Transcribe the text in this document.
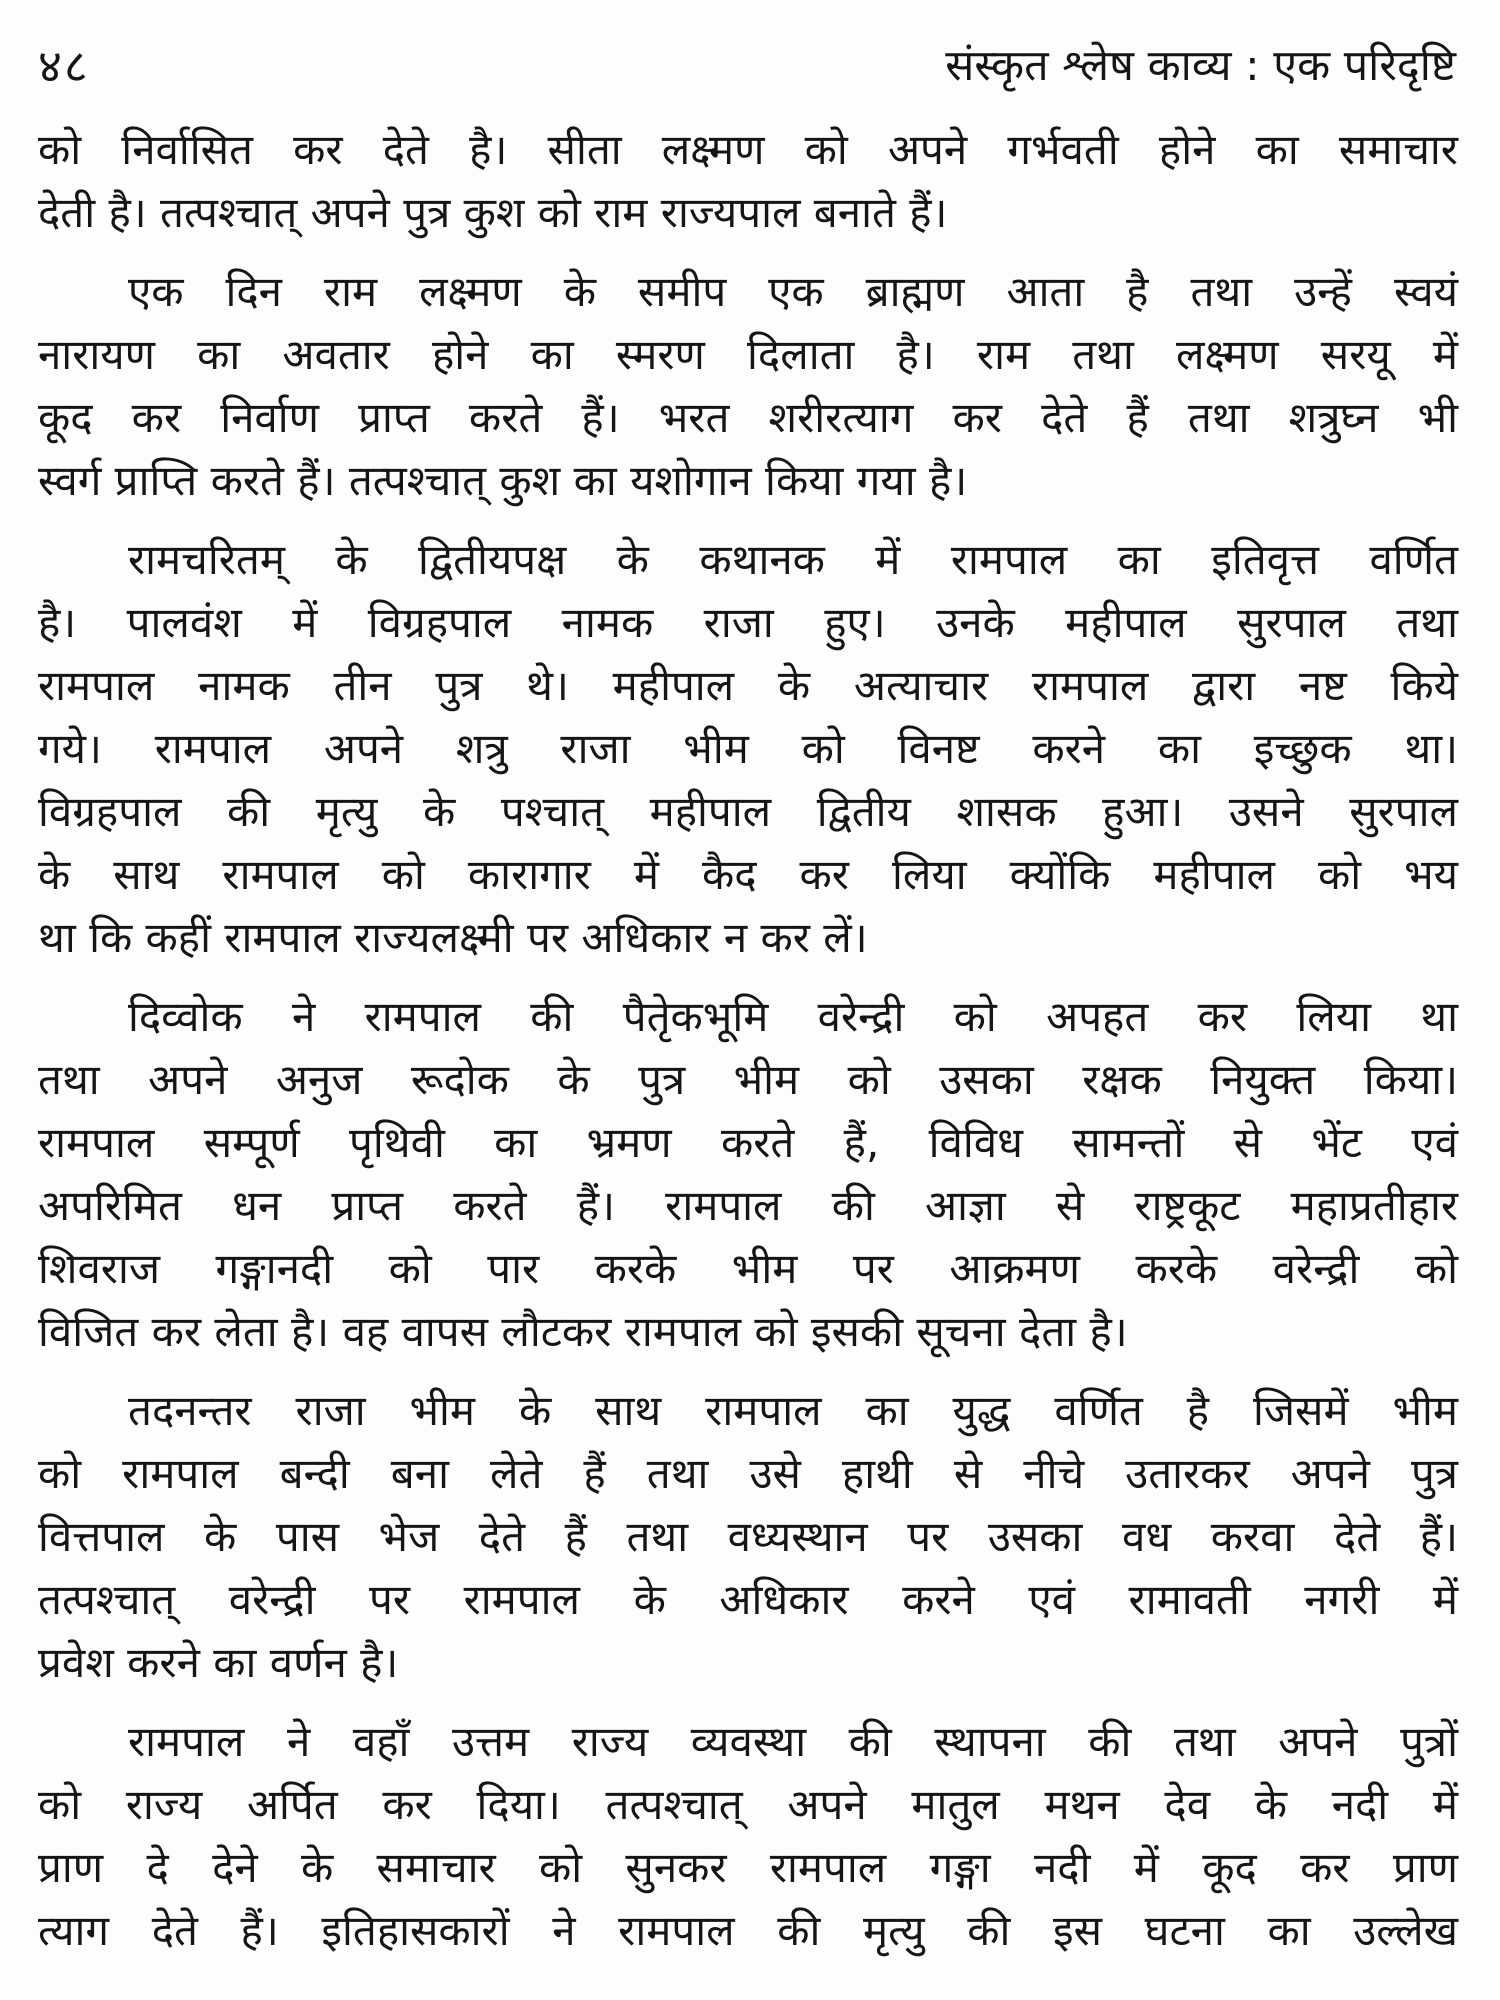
४८	संस्कृत श्लेष काव्य : एक परिदृष्टि

को निर्वासित कर देते है। सीता लक्ष्मण को अपने गर्भवती होने का समाचार
देती है। तत्पश्चात् अपने पुत्र कुश को राम राज्यपाल बनाते हैं।

एक दिन राम लक्ष्मण के समीप एक ब्राह्मण आता है तथा उन्हें स्वयं
नारायण का अवतार होने का स्मरण दिलाता है। राम तथा लक्ष्मण सरयू में
कूद कर निर्वाण प्राप्त करते हैं। भरत शरीरत्याग कर देते हैं तथा शत्रुघ्न भी
स्वर्ग प्राप्ति करते हैं। तत्पश्चात् कुश का यशोगान किया गया है।

रामचरितम् के द्वितीयपक्ष के कथानक में रामपाल का इतिवृत्त वर्णित
है। पालवंश में विग्रहपाल नामक राजा हुए। उनके महीपाल सुरपाल तथा
रामपाल नामक तीन पुत्र थे। महीपाल के अत्याचार रामपाल द्वारा नष्ट किये
गये। रामपाल अपने शत्रु राजा भीम को विनष्ट करने का इच्छुक था।
विग्रहपाल की मृत्यु के पश्चात् महीपाल द्वितीय शासक हुआ। उसने सुरपाल
के साथ रामपाल को कारागार में कैद कर लिया क्योंकि महीपाल को भय
था कि कहीं रामपाल राज्यलक्ष्मी पर अधिकार न कर लें।

दिव्वोक ने रामपाल की पैतृेकभूमि वरेन्द्री को अपहत कर लिया था
तथा अपने अनुज रूदोक के पुत्र भीम को उसका रक्षक नियुक्त किया।
रामपाल सम्पूर्ण पृथिवी का भ्रमण करते हैं, विविध सामन्तों से भेंट एवं
अपरिमित धन प्राप्त करते हैं। रामपाल की आज्ञा से राष्ट्रकूट महाप्रतीहार
शिवराज गङ्गानदी को पार करके भीम पर आक्रमण करके वरेन्द्री को
विजित कर लेता है। वह वापस लौटकर रामपाल को इसकी सूचना देता है।

तदनन्तर राजा भीम के साथ रामपाल का युद्ध वर्णित है जिसमें भीम
को रामपाल बन्दी बना लेते हैं तथा उसे हाथी से नीचे उतारकर अपने पुत्र
वित्तपाल के पास भेज देते हैं तथा वध्यस्थान पर उसका वध करवा देते हैं।
तत्पश्चात् वरेन्द्री पर रामपाल के अधिकार करने एवं रामावती नगरी में
प्रवेश करने का वर्णन है।

रामपाल ने वहाँ उत्तम राज्य व्यवस्था की स्थापना की तथा अपने पुत्रों
को राज्य अर्पित कर दिया। तत्पश्चात् अपने मातुल मथन देव के नदी में
प्राण दे देने के समाचार को सुनकर रामपाल गङ्गा नदी में कूद कर प्राण
त्याग देते हैं। इतिहासकारों ने रामपाल की मृत्यु की इस घटना का उल्लेख
